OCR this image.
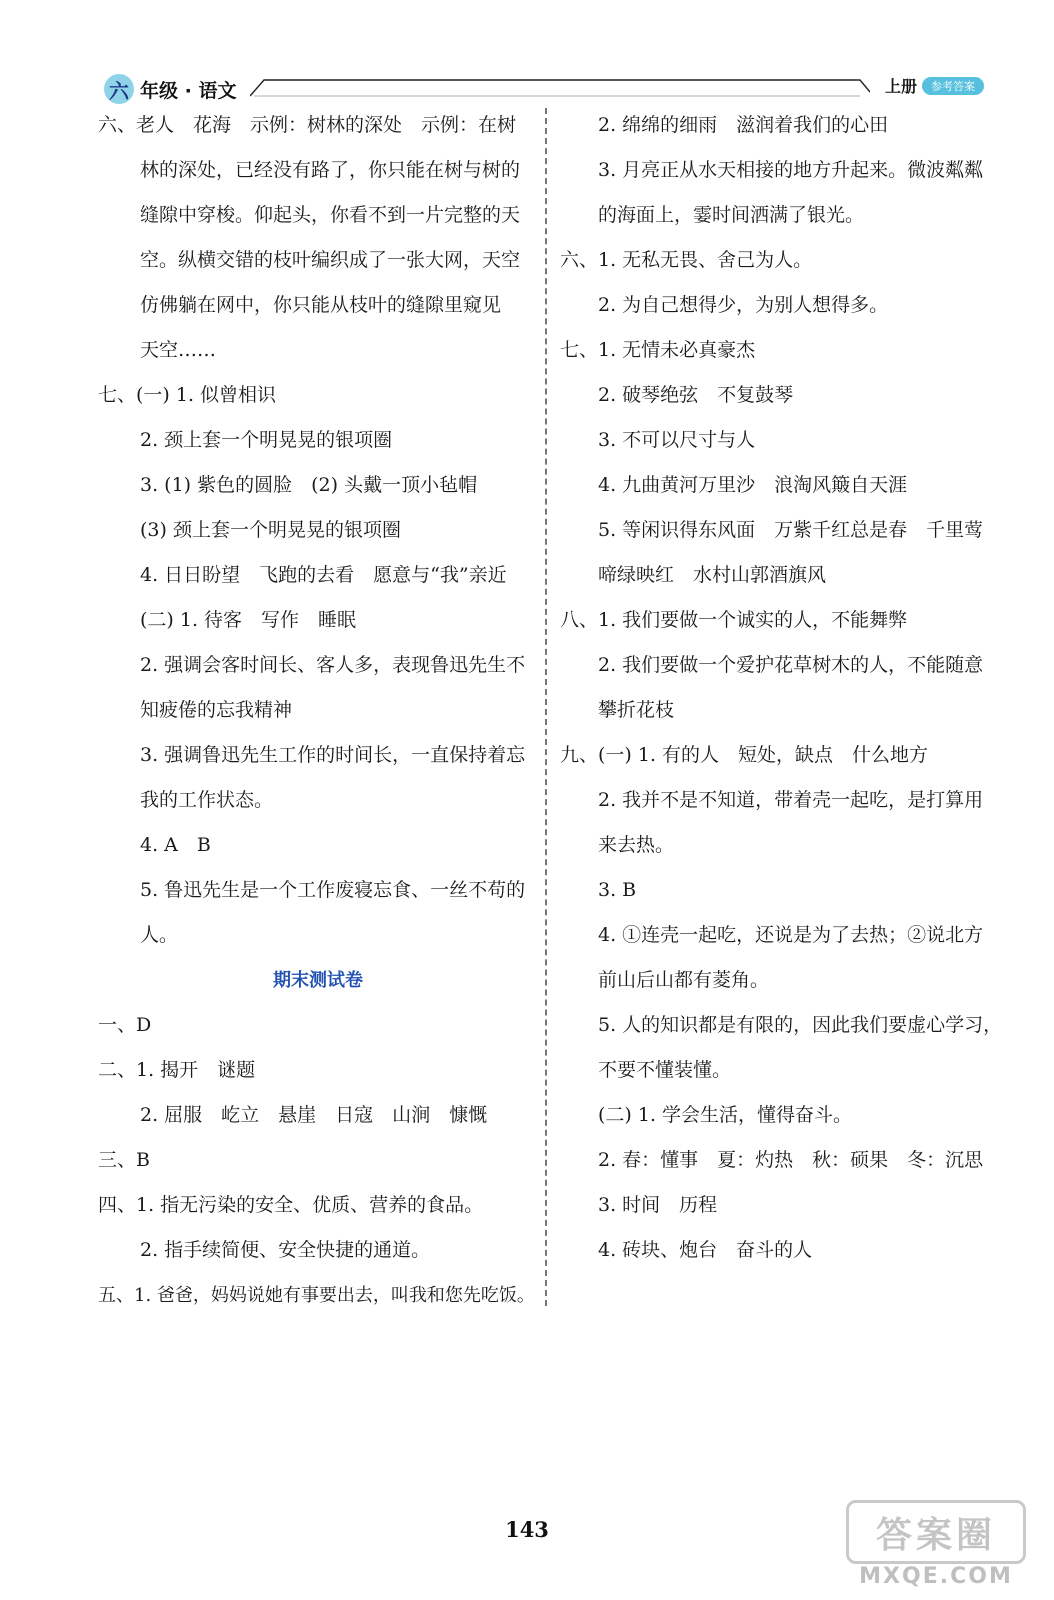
六 年级 · 语文	上册	参考答案
六、老人　花海　示例：树林的深处　示例：在树
林的深处，已经没有路了，你只能在树与树的
缝隙中穿梭。仰起头，你看不到一片完整的天
空。纵横交错的枝叶编织成了一张大网，天空
仿佛躺在网中，你只能从枝叶的缝隙里窥见
天空……
七、(一) 1. 似曾相识
2. 颈上套一个明晃晃的银项圈
3. (1) 紫色的圆脸　(2) 头戴一顶小毡帽
(3) 颈上套一个明晃晃的银项圈
4. 日日盼望　飞跑的去看　愿意与“我”亲近
(二) 1. 待客　写作　睡眠
2. 强调会客时间长、客人多，表现鲁迅先生不
知疲倦的忘我精神
3. 强调鲁迅先生工作的时间长，一直保持着忘
我的工作状态。
4. A　B
5. 鲁迅先生是一个工作废寝忘食、一丝不苟的
人。
期末测试卷
一、D
二、1. 揭开　谜题
2. 屈服　屹立　悬崖　日寇　山涧　慷慨
三、B
四、1. 指无污染的安全、优质、营养的食品。
2. 指手续简便、安全快捷的通道。
五、1. 爸爸，妈妈说她有事要出去，叫我和您先吃饭。
2. 绵绵的细雨　滋润着我们的心田
3. 月亮正从水天相接的地方升起来。微波粼粼
的海面上，霎时间洒满了银光。
六、1. 无私无畏、舍己为人。
2. 为自己想得少，为别人想得多。
七、1. 无情未必真豪杰
2. 破琴绝弦　不复鼓琴
3. 不可以尺寸与人
4. 九曲黄河万里沙　浪淘风簸自天涯
5. 等闲识得东风面　万紫千红总是春　千里莺
啼绿映红　水村山郭酒旗风
八、1. 我们要做一个诚实的人，不能舞弊
2. 我们要做一个爱护花草树木的人，不能随意
攀折花枝
九、(一) 1. 有的人　短处，缺点　什么地方
2. 我并不是不知道，带着壳一起吃，是打算用
来去热。
3. B
4. ①连壳一起吃，还说是为了去热；②说北方
前山后山都有菱角。
5. 人的知识都是有限的，因此我们要虚心学习，
不要不懂装懂。
(二) 1. 学会生活，懂得奋斗。
2. 春：懂事　夏：灼热　秋：硕果　冬：沉思
3. 时间　历程
4. 砖块、炮台　奋斗的人
143	答案圈
MXQE.COM
